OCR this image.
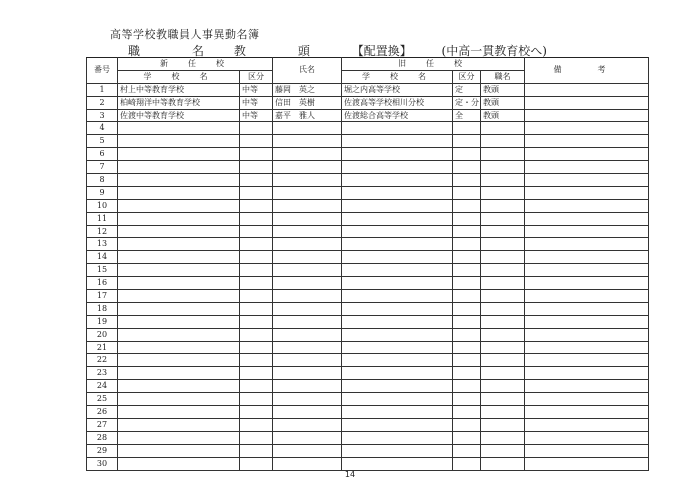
高等学校教職員人事異動名簿
職　名 教　頭 【配置換】 (中高一貫教育校へ)
番号	新　任　校		氏名	旧　任　校			備　考
	学　校　名	区分		学　校　名	区分	職名	
1	村上中等教育学校	中等	藤岡　英之	堀之内高等学校	定	教頭	
2	柏崎翔洋中等教育学校	中等	信田　英樹	佐渡高等学校相川分校	定・分	教頭	
3	佐渡中等教育学校	中等	嘉平　雅人	佐渡総合高等学校	全	教頭	
4							
5							
6							
7							
8							
9							
10							
11							
12							
13							
14							
15							
16							
17							
18							
19							
20							
21							
22							
23							
24							
25							
26							
27							
28							
29							
30							
14
